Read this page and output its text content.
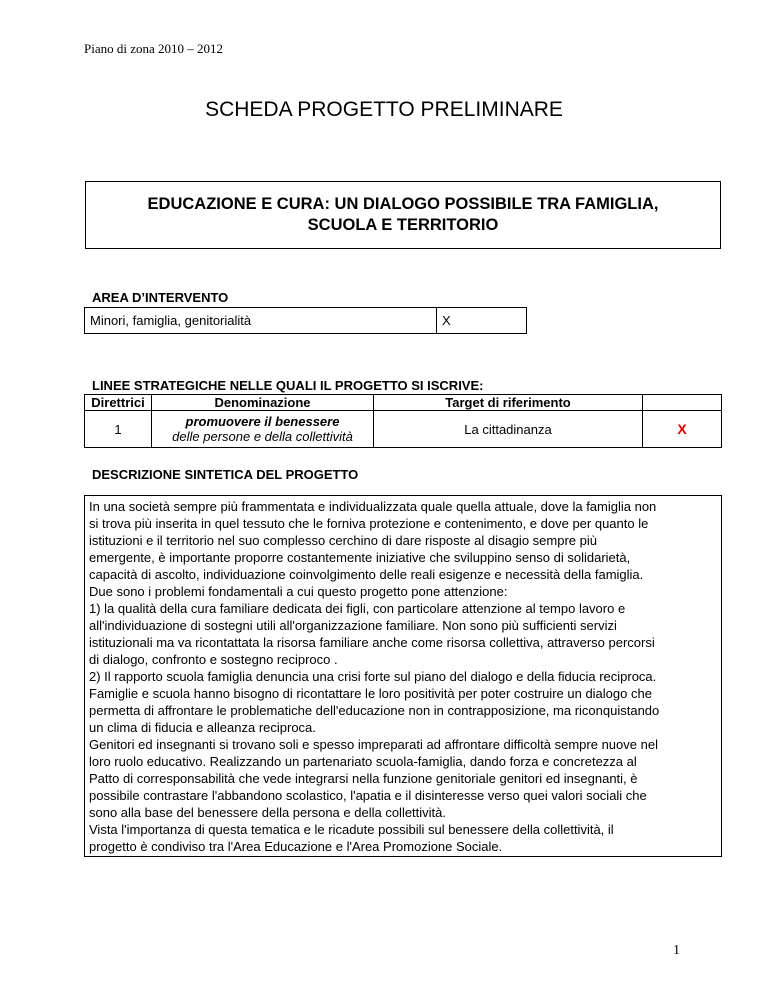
Piano di zona 2010 – 2012
SCHEDA PROGETTO PRELIMINARE
EDUCAZIONE E CURA: UN DIALOGO POSSIBILE TRA FAMIGLIA,
SCUOLA E TERRITORIO
AREA D’INTERVENTO
Minori, famiglia, genitorialità	X
LINEE STRATEGICHE NELLE QUALI IL PROGETTO SI ISCRIVE:
Direttrici	Denominazione	Target di riferimento	
1	promuovere il benessere
delle persone e della collettività	La cittadinanza	X
DESCRIZIONE SINTETICA DEL PROGETTO

In una società sempre più frammentata e individualizzata quale quella attuale, dove la famiglia non

si trova più inserita in quel tessuto che le forniva protezione e contenimento, e dove per quanto le

istituzioni e il territorio nel suo complesso cerchino di dare risposte al disagio sempre più

emergente, è importante proporre costantemente iniziative che sviluppino senso di solidarietà,

capacità di ascolto, individuazione coinvolgimento delle reali esigenze e necessità della famiglia.

Due sono i problemi fondamentali a cui questo progetto pone attenzione:

1) la qualità della cura familiare dedicata dei figli, con particolare attenzione al tempo lavoro e

all'individuazione di sostegni utili all'organizzazione familiare. Non sono più sufficienti servizi

istituzionali ma va ricontattata la risorsa familiare anche come risorsa collettiva, attraverso percorsi

di dialogo, confronto e sostegno reciproco .

2) Il rapporto scuola famiglia denuncia una crisi forte sul piano del dialogo e della fiducia reciproca.

Famiglie e scuola hanno bisogno di ricontattare le loro positività per poter costruire un dialogo che

permetta di affrontare le problematiche dell'educazione non in contrapposizione, ma riconquistando

un clima di fiducia e alleanza reciproca.

Genitori ed insegnanti si trovano soli e spesso impreparati ad affrontare difficoltà sempre nuove nel

loro ruolo educativo. Realizzando un partenariato scuola-famiglia, dando forza e concretezza al

Patto di corresponsabilità che vede integrarsi nella funzione genitoriale genitori ed insegnanti, è

possibile contrastare l'abbandono scolastico, l'apatia e il disinteresse verso quei valori sociali che

sono alla base del benessere della persona e della collettività.

Vista l'importanza di questa tematica e le ricadute possibili sul benessere della collettività, il

progetto è condiviso tra l'Area Educazione e l'Area Promozione Sociale.

1
